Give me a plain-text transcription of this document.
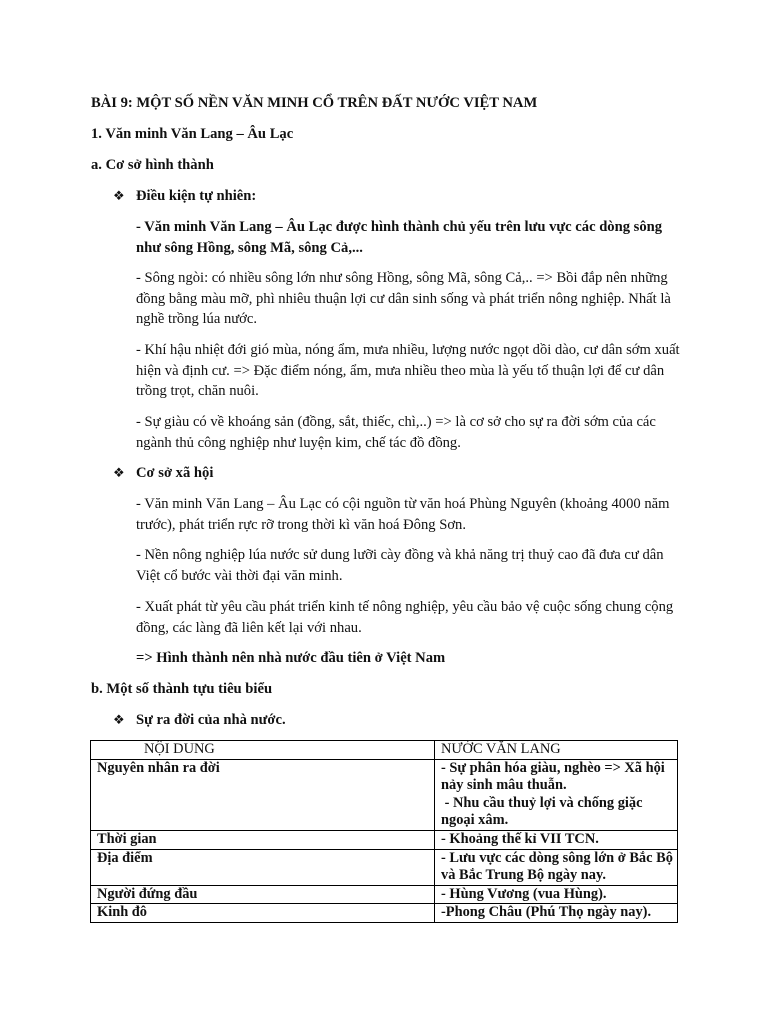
BÀI 9: MỘT SỐ NỀN VĂN MINH CỔ TRÊN ĐẤT NƯỚC VIỆT NAM

1. Văn minh Văn Lang – Âu Lạc

a. Cơ sở hình thành

❖ Điều kiện tự nhiên:

- Văn minh Văn Lang – Âu Lạc được hình thành chủ yếu trên lưu vực các dòng sông như sông Hồng, sông Mã, sông Cả,...

- Sông ngòi: có nhiều sông lớn như sông Hồng, sông Mã, sông Cả,.. => Bồi đắp nên những đồng bằng màu mỡ, phì nhiêu thuận lợi cư dân sinh sống và phát triển nông nghiệp. Nhất là nghề trồng lúa nước.

- Khí hậu nhiệt đới gió mùa, nóng ẩm, mưa nhiều, lượng nước ngọt dồi dào, cư dân sớm xuất hiện và định cư. => Đặc điểm nóng, ẩm, mưa nhiều theo mùa là yếu tố thuận lợi để cư dân trồng trọt, chăn nuôi.

- Sự giàu có về khoáng sản (đồng, sắt, thiếc, chì,..) => là cơ sở cho sự ra đời sớm của các ngành thủ công nghiệp như luyện kim, chế tác đồ đồng.

❖ Cơ sở xã hội

- Văn minh Văn Lang – Âu Lạc có cội nguồn từ văn hoá Phùng Nguyên (khoảng 4000 năm trước), phát triển rực rỡ trong thời kì văn hoá Đông Sơn.

- Nền nông nghiệp lúa nước sử dung lưỡi cày đồng và khả năng trị thuỷ cao đã đưa cư dân Việt cổ bước vài thời đại văn minh.

- Xuất phát từ yêu cầu phát triển kinh tế nông nghiệp, yêu cầu bảo vệ cuộc sống chung cộng đồng, các làng đã liên kết lại với nhau.

=> Hình thành nên nhà nước đầu tiên ở Việt Nam

b. Một số thành tựu tiêu biểu

❖ Sự ra đời của nhà nước.

NỘI DUNG	NƯỚC VĂN LANG
Nguyên nhân ra đời	- Sự phân hóa giàu, nghèo => Xã hội nảy sinh mâu thuẫn.
- Nhu cầu thuỷ lợi và chống giặc ngoại xâm.

Thời gian	- Khoảng thế kỉ VII TCN.
Địa điểm	- Lưu vực các dòng sông lớn ở Bắc Bộ và Bắc Trung Bộ ngày nay.
Người đứng đầu	- Hùng Vương (vua Hùng).
Kinh đô	-Phong Châu (Phú Thọ ngày nay).
